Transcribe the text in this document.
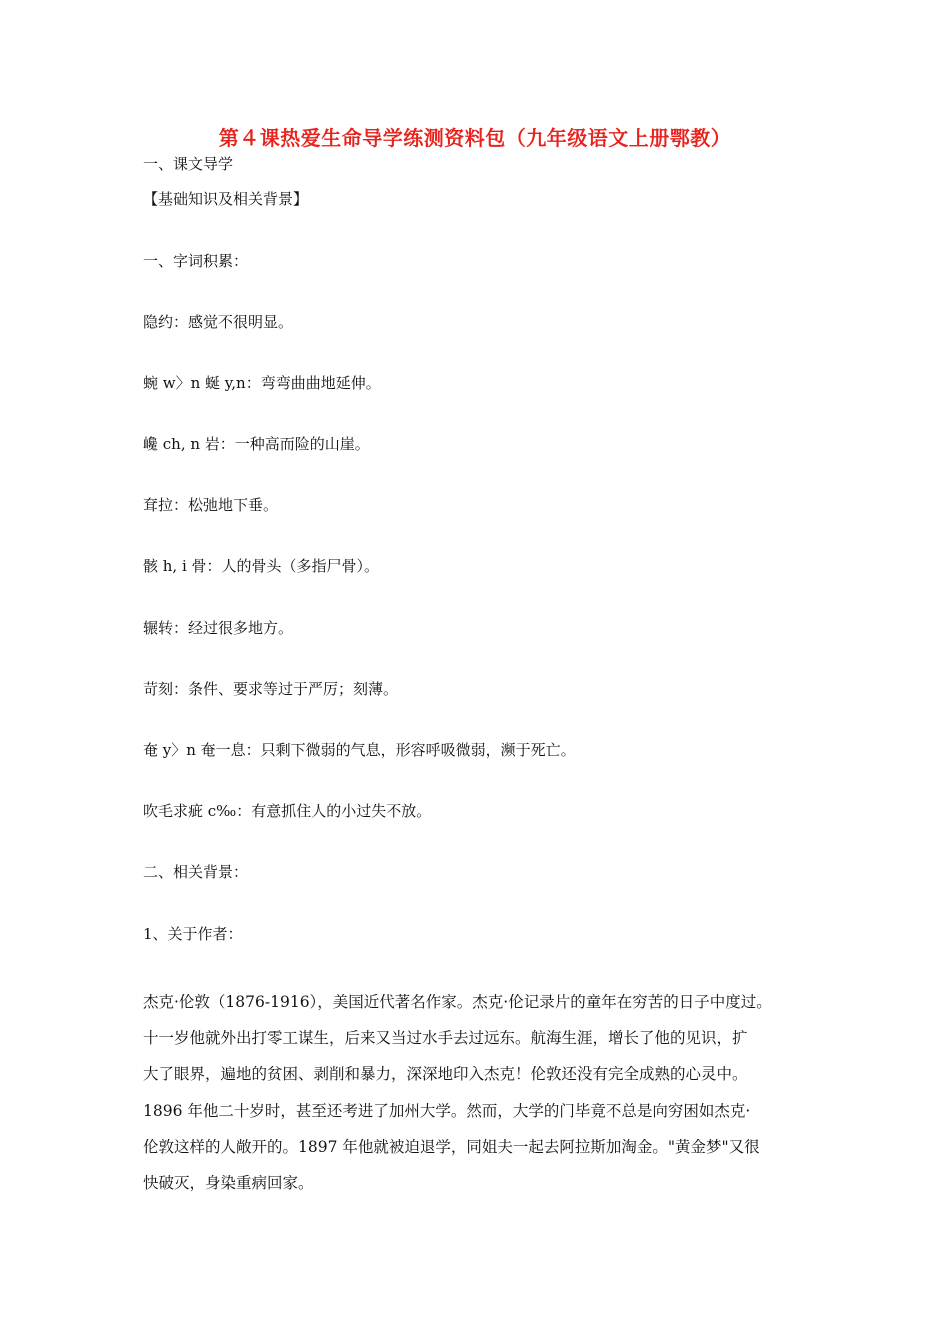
第４课热爱生命导学练测资料包（九年级语文上册鄂教）
一、课文导学
【基础知识及相关背景】
一、字词积累：
隐约：感觉不很明显。
蜿 w〉n 蜒 y,n：弯弯曲曲地延伸。
巉 ch, n 岩：一种高而险的山崖。
耷拉：松弛地下垂。
骸 h, i 骨：人的骨头（多指尸骨）。
辗转：经过很多地方。
苛刻：条件、要求等过于严厉；刻薄。
奄 y〉n 奄一息：只剩下微弱的气息，形容呼吸微弱，濒于死亡。
吹毛求疵 c‰：有意抓住人的小过失不放。
二、相关背景：
1、关于作者：
杰克·伦敦（1876-1916），美国近代著名作家。杰克·伦记录片的童年在穷苦的日子中度过。
十一岁他就外出打零工谋生，后来又当过水手去过远东。航海生涯，增长了他的见识，扩
大了眼界，遍地的贫困、剥削和暴力，深深地印入杰克！伦敦还没有完全成熟的心灵中。
1896 年他二十岁时，甚至还考进了加州大学。然而，大学的门毕竟不总是向穷困如杰克·
伦敦这样的人敞开的。1897 年他就被迫退学，同姐夫一起去阿拉斯加淘金。"黄金梦"又很
快破灭，身染重病回家。
